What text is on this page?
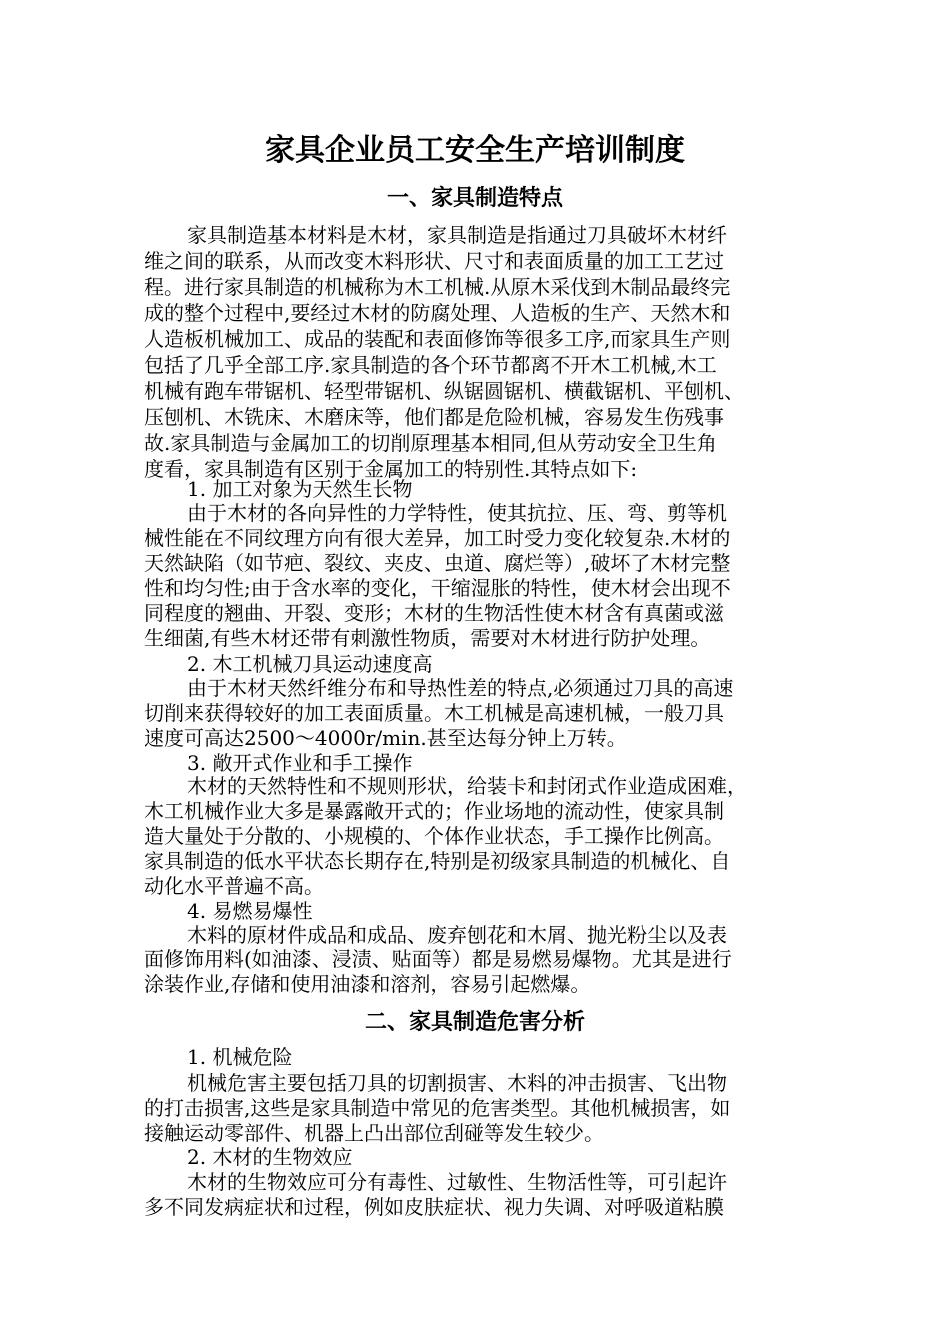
家具企业员工安全生产培训制度
一、家具制造特点
家具制造基本材料是木材，家具制造是指通过刀具破坏木材纤
维之间的联系，从而改变木料形状、尺寸和表面质量的加工工艺过
程。进行家具制造的机械称为木工机械.从原木采伐到木制品最终完
成的整个过程中,要经过木材的防腐处理、人造板的生产、天然木和
人造板机械加工、成品的装配和表面修饰等很多工序,而家具生产则
包括了几乎全部工序.家具制造的各个环节都离不开木工机械,木工
机械有跑车带锯机、轻型带锯机、纵锯圆锯机、横截锯机、平刨机、
压刨机、木铣床、木磨床等，他们都是危险机械，容易发生伤残事
故.家具制造与金属加工的切削原理基本相同,但从劳动安全卫生角
度看，家具制造有区别于金属加工的特别性.其特点如下:
1. 加工对象为天然生长物
由于木材的各向异性的力学特性，使其抗拉、压、弯、剪等机
械性能在不同纹理方向有很大差异，加工时受力变化较复杂.木材的
天然缺陷（如节疤、裂纹、夹皮、虫道、腐烂等）,破坏了木材完整
性和均匀性;由于含水率的变化，干缩湿胀的特性，使木材会出现不
同程度的翘曲、开裂、变形；木材的生物活性使木材含有真菌或滋
生细菌,有些木材还带有刺激性物质，需要对木材进行防护处理。
2. 木工机械刀具运动速度高
由于木材天然纤维分布和导热性差的特点,必须通过刀具的高速
切削来获得较好的加工表面质量。木工机械是高速机械，一般刀具
速度可高达2500～4000r/min.甚至达每分钟上万转。
3. 敞开式作业和手工操作
木材的天然特性和不规则形状，给装卡和封闭式作业造成困难，
木工机械作业大多是暴露敞开式的；作业场地的流动性，使家具制
造大量处于分散的、小规模的、个体作业状态，手工操作比例高。
家具制造的低水平状态长期存在,特别是初级家具制造的机械化、自
动化水平普遍不高。
4. 易燃易爆性
木料的原材件成品和成品、废弃刨花和木屑、抛光粉尘以及表
面修饰用料(如油漆、浸渍、贴面等）都是易燃易爆物。尤其是进行
涂装作业,存储和使用油漆和溶剂，容易引起燃爆。
二、家具制造危害分析
1. 机械危险
机械危害主要包括刀具的切割损害、木料的冲击损害、飞出物
的打击损害,这些是家具制造中常见的危害类型。其他机械损害，如
接触运动零部件、机器上凸出部位刮碰等发生较少。
2. 木材的生物效应
木材的生物效应可分有毒性、过敏性、生物活性等，可引起许
多不同发病症状和过程，例如皮肤症状、视力失调、对呼吸道粘膜
